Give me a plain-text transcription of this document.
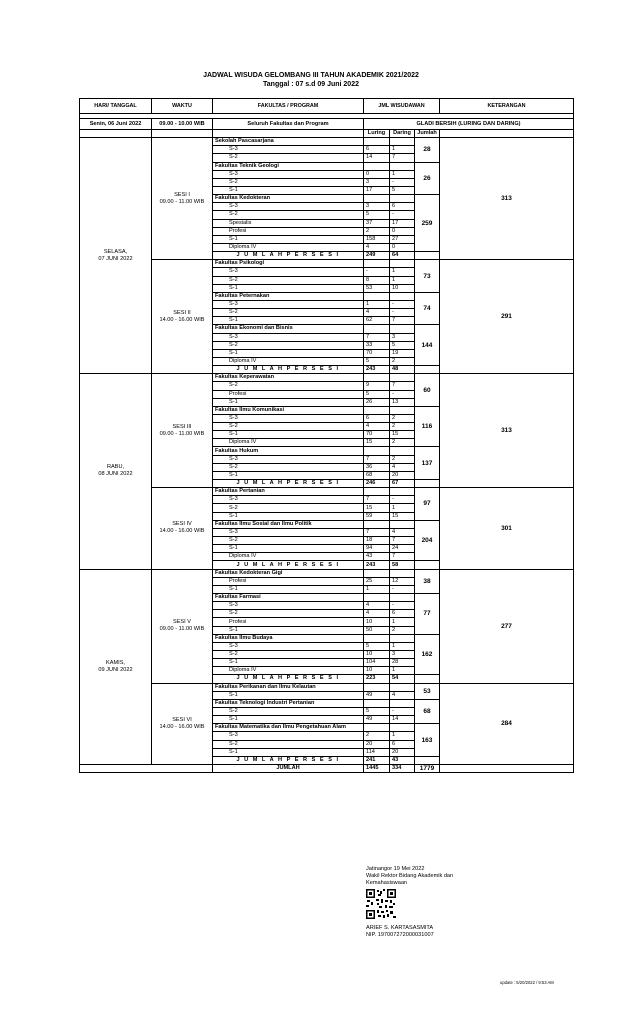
JADWAL WISUDA GELOMBANG III TAHUN AKADEMIK 2021/2022
Tanggal : 07 s.d 09 Juni 2022
HARI/ TANGGAL	WAKTU	FAKULTAS / PROGRAM	JML WISUDAWAN			KETERANGAN

Senin, 06 Juni 2022	09.00 - 10.00 WIB	Seluruh Fakultas dan Program	GLADI BERSIH (LURING DAN DARING)			
			Luring	Daring	Jumlah	
SELASA,
07 JUNI 2022	SESI I
09.00 - 11.00 WIB	Sekolah Pascasarjana			28	313
		S-3	6	1		
		S-2	14	7		
		Fakultas Teknik Geologi			26	
		S-3	0	1		
		S-2	3	-		
		S-1	17	5		
		Fakultas Kedokteran			259	
		S-3	3	6		
		S-2	5	-		
		Spesialis	37	17		
		Profesi	2	0		
		S-1	158	27		
		Diploma IV	4	0		
		J U M L A H P E R S E S I	249	64		
	SESI II
14.00 - 16.00 WIB	Fakultas Psikologi			73	291
		S-3	-	1		
		S-2	8	1		
		S-1	53	10		
		Fakultas Peternakan			74	
		S-3	1	-		
		S-2	4	-		
		S-1	62	7		
		Fakultas Ekonomi dan Bisnis			144	
		S-3	7	3		
		S-2	33	5		
		S-1	70	19		
		Diploma IV	5	2		
		J U M L A H P E R S E S I	243	48		
RABU,
08 JUNI 2022	SESI III
09.00 - 11.00 WIB	Fakultas Keperawatan			60	313
		S-2	9	7		
		Profesi	5	-		
		S-1	26	13		
		Fakultas Ilmu Komunikasi			116	
		S-3	6	2		
		S-2	4	2		
		S-1	70	15		
		Diploma IV	15	2		
		Fakultas Hukum			137	
		S-3	7	2		
		S-2	36	4		
		S-1	68	20		
		J U M L A H P E R S E S I	246	67		
	SESI IV
14.00 - 16.00 WIB	Fakultas Pertanian			97	301
		S-3	7	-		
		S-2	15	1		
		S-1	59	15		
		Fakultas Ilmu Sosial dan Ilmu Politik			204	
		S-3	7	4		
		S-2	18	7		
		S-1	94	24		
		Diploma IV	43	7		
		J U M L A H P E R S E S I	243	58		
KAMIS,
09 JUNI 2022	SESI V
09.00 - 11.00 WIB	Fakultas Kedokteran Gigi			38	277
		Profesi	25	12		
		S-1	1	-		
		Fakultas Farmasi			77	
		S-3	4	-		
		S-2	4	6		
		Profesi	10	1		
		S-1	50	2		
		Fakultas Ilmu Budaya			162	
		S-3	5	1		
		S-2	10	3		
		S-1	104	28		
		Diploma IV	10	1		
		J U M L A H P E R S E S I	223	54		
	SESI VI
14.00 - 16.00 WIB	Fakultas Perikanan dan Ilmu Kelautan			53	284
		S-1	49	4		
		Fakultas Teknologi Industri Pertanian			68	
		S-2	5	-		
		S-1	49	14		
		Fakultas Matematika dan Ilmu Pengetahuan Alam			163	
		S-3	2	1		
		S-2	20	6		
		S-1	114	20		
		J U M L A H P E R S E S I	241	43		
		JUMLAH	1445	334	1779	
Jatinangor 19 Mei 2022
Wakil Rektor Bidang Akademik dan Kemahasiswaan
ARIEF S. KARTASASMITA
NIP. 197007272000031007
update : 5/20/2022 / 9:53 AM
